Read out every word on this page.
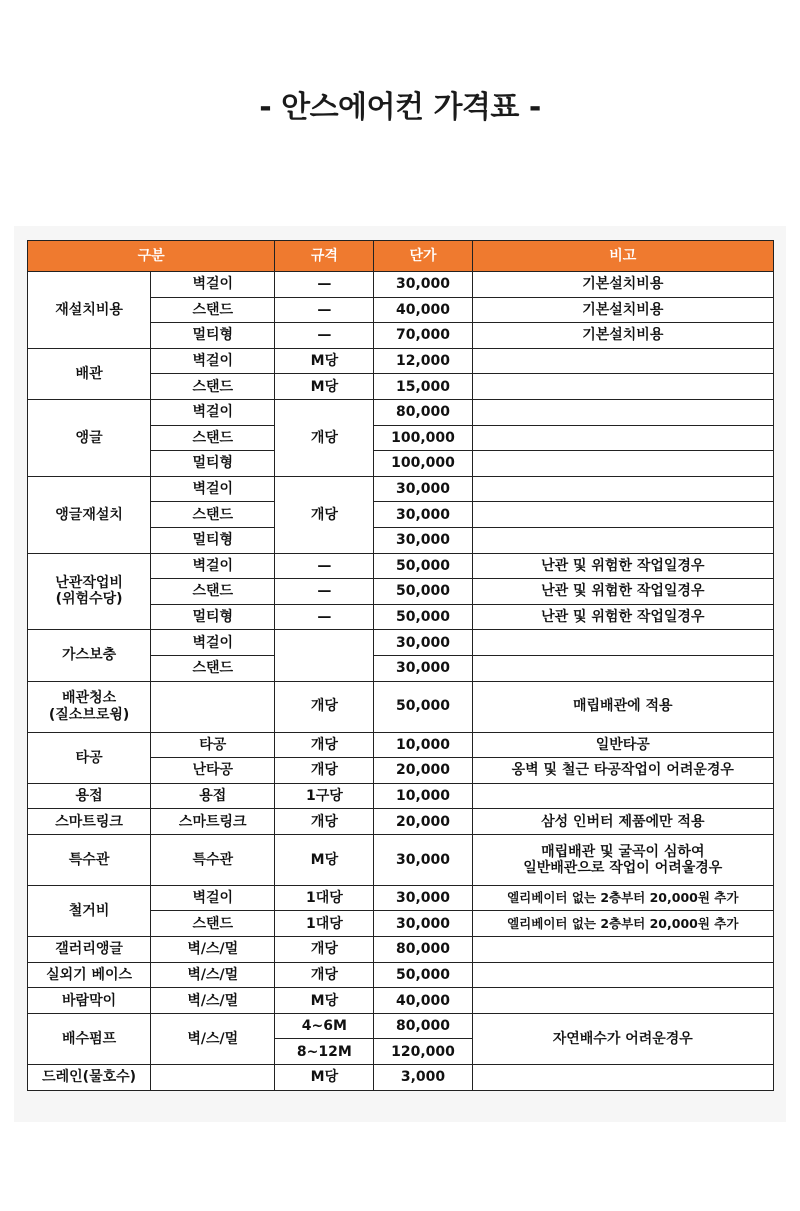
- 안스에어컨 가격표 -
구분		규격	단가	비고
재설치비용	벽걸이	—	30,000	기본설치비용
	스탠드	—	40,000	기본설치비용
	멀티형	—	70,000	기본설치비용
배관	벽걸이	M당	12,000	
	스탠드	M당	15,000	
앵글	벽걸이	개당	80,000	
	스탠드		100,000	
	멀티형		100,000	
앵글재설치	벽걸이	개당	30,000	
	스탠드		30,000	
	멀티형		30,000	
난관작업비
(위험수당)	벽걸이	—	50,000	난관 및 위험한 작업일경우
	스탠드	—	50,000	난관 및 위험한 작업일경우
	멀티형	—	50,000	난관 및 위험한 작업일경우
가스보충	벽걸이		30,000	
	스탠드		30,000	
배관청소
(질소브로윙)		개당	50,000	매립배관에 적용
타공	타공	개당	10,000	일반타공
	난타공	개당	20,000	옹벽 및 철근 타공작업이 어려운경우
용접	용접	1구당	10,000	
스마트링크	스마트링크	개당	20,000	삼성 인버터 제품에만 적용
특수관	특수관	M당	30,000	매립배관 및 굴곡이 심하여
일반배관으로 작업이 어려울경우
철거비	벽걸이	1대당	30,000	엘리베이터 없는 2층부터 20,000원 추가
	스탠드	1대당	30,000	엘리베이터 없는 2층부터 20,000원 추가
갤러리앵글	벽/스/멀	개당	80,000	
실외기 베이스	벽/스/멀	개당	50,000	
바람막이	벽/스/멀	M당	40,000	
배수펌프	벽/스/멀	4~6M	80,000	자연배수가 어려운경우
		8~12M	120,000	
드레인(물호수)		M당	3,000	
